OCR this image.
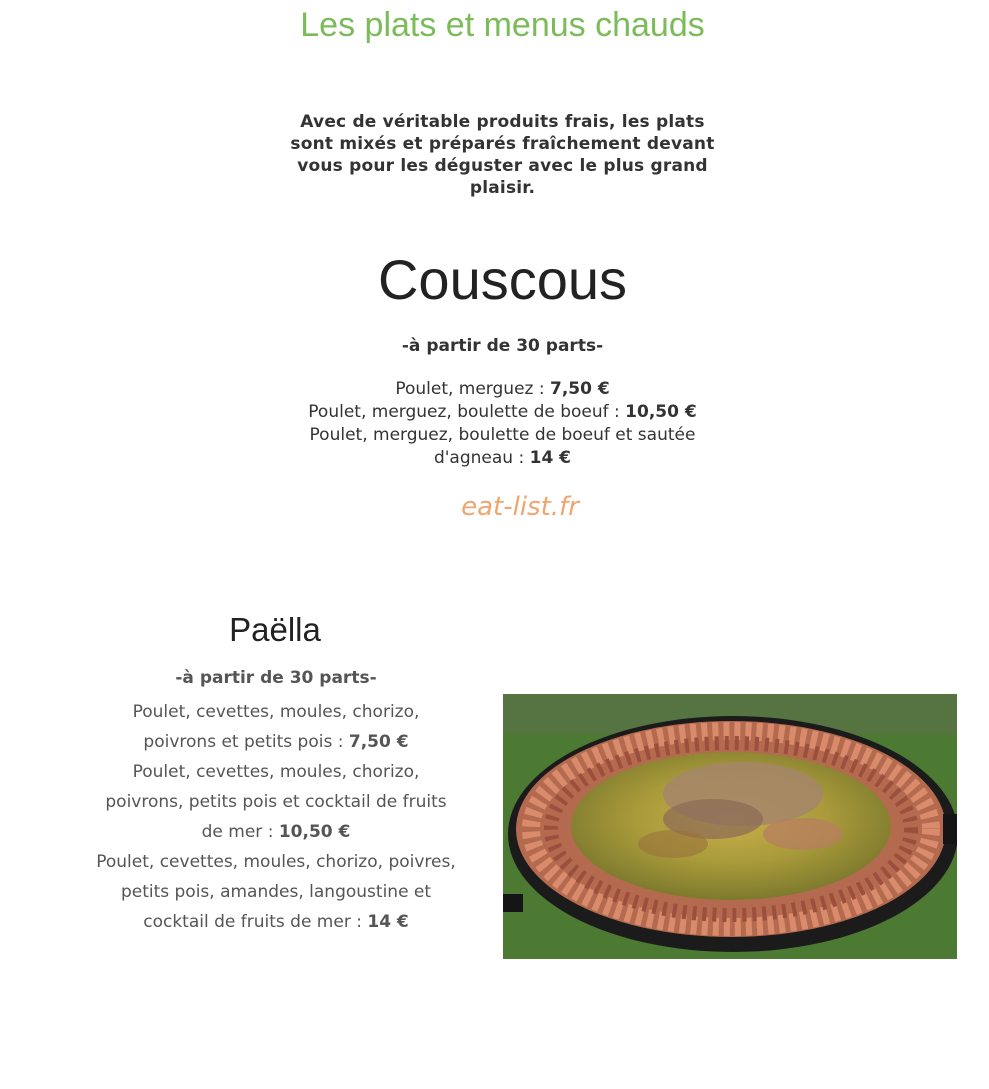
Les plats et menus chauds
Avec de véritable produits frais, les plats sont mixés et préparés fraîchement devant vous pour les déguster avec le plus grand plaisir.
Couscous
-à partir de 30 parts-
Poulet, merguez : 7,50 €
Poulet, merguez, boulette de boeuf : 10,50 €
Poulet, merguez, boulette de boeuf et sautée d'agneau : 14 €
eat-list.fr
Paëlla
-à partir de 30 parts-
Poulet, cevettes, moules, chorizo, poivrons et petits pois : 7,50 €
Poulet, cevettes, moules, chorizo, poivrons, petits pois et cocktail de fruits de mer : 10,50 €
Poulet, cevettes, moules, chorizo, poivres, petits pois, amandes, langoustine et cocktail de fruits de mer : 14 €
